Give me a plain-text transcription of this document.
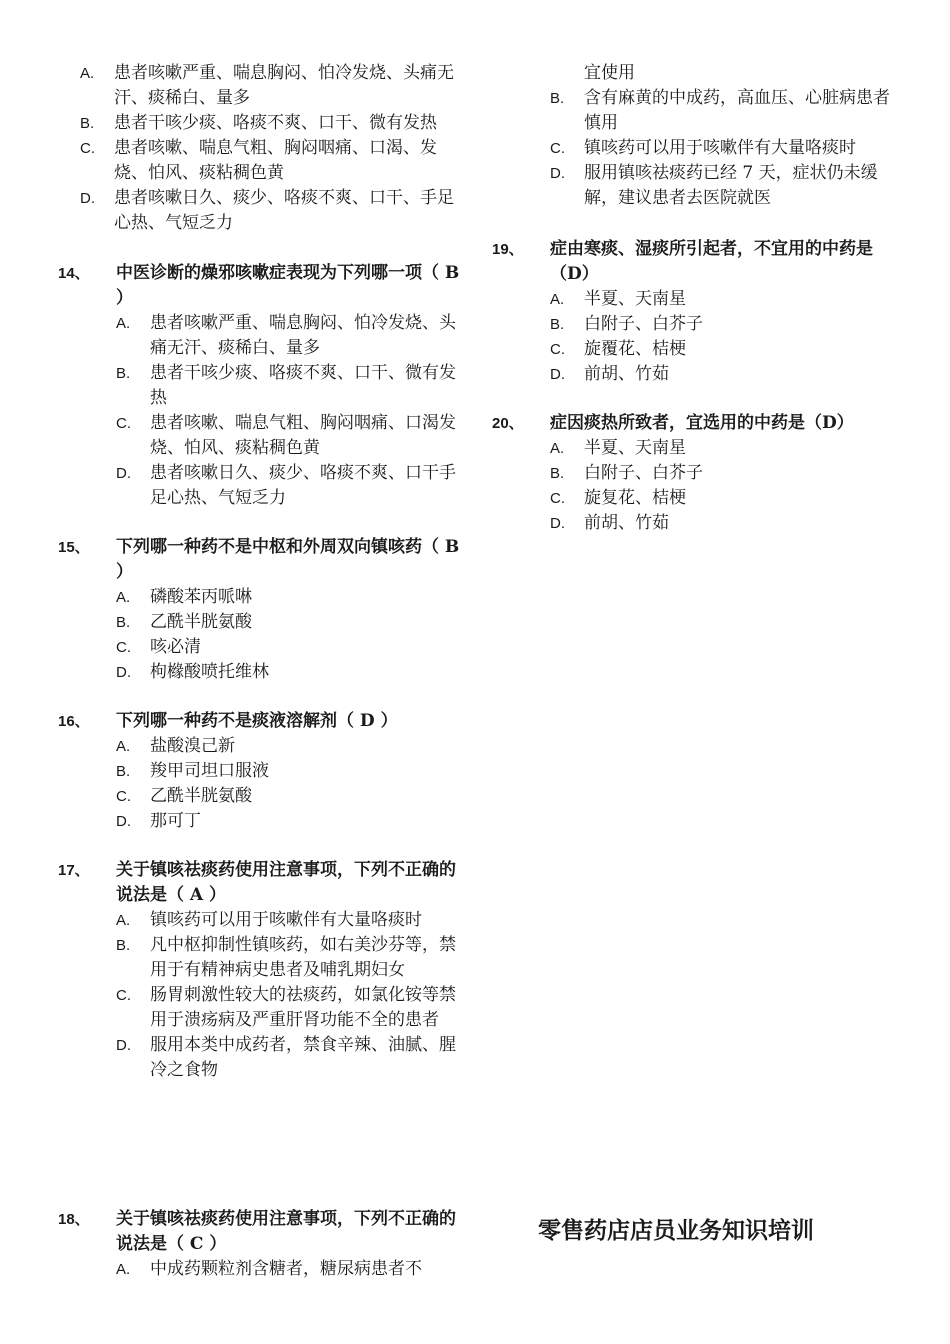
A. 患者咳嗽严重、喘息胸闷、怕冷发烧、头痛无汗、痰稀白、量多
B. 患者干咳少痰、咯痰不爽、口干、微有发热
C. 患者咳嗽、喘息气粗、胸闷咽痛、口渴、发烧、怕风、痰粘稠色黄
D. 患者咳嗽日久、痰少、咯痰不爽、口干、手足心热、气短乏力
14、 中医诊断的燥邪咳嗽症表现为下列哪一项（ B ）
A. 患者咳嗽严重、喘息胸闷、怕冷发烧、头痛无汗、痰稀白、量多
B. 患者干咳少痰、咯痰不爽、口干、微有发热
C. 患者咳嗽、喘息气粗、胸闷咽痛、口渴发烧、怕风、痰粘稠色黄
D. 患者咳嗽日久、痰少、咯痰不爽、口干手足心热、气短乏力
15、 下列哪一种药不是中枢和外周双向镇咳药（ B ）
A. 磷酸苯丙哌啉
B. 乙酰半胱氨酸
C. 咳必清
D. 枸橼酸喷托维林
16、 下列哪一种药不是痰液溶解剂（ D ）
A. 盐酸溴己新
B. 羧甲司坦口服液
C. 乙酰半胱氨酸
D. 那可丁
17、 关于镇咳祛痰药使用注意事项，下列不正确的说法是（ A ）
A. 镇咳药可以用于咳嗽伴有大量咯痰时
B. 凡中枢抑制性镇咳药，如右美沙芬等，禁用于有精神病史患者及哺乳期妇女
C. 肠胃刺激性较大的祛痰药，如氯化铵等禁用于溃疡病及严重肝肾功能不全的患者
D. 服用本类中成药者，禁食辛辣、油腻、腥冷之食物
18、 关于镇咳祛痰药使用注意事项，下列不正确的说法是（ C ）
A. 中成药颗粒剂含糖者，糖尿病患者不
宜使用
B. 含有麻黄的中成药，高血压、心脏病患者慎用
C. 镇咳药可以用于咳嗽伴有大量咯痰时
D. 服用镇咳祛痰药已经 7 天，症状仍未缓解，建议患者去医院就医
19、 症由寒痰、湿痰所引起者，不宜用的中药是（D）
A. 半夏、天南星
B. 白附子、白芥子
C. 旋覆花、桔梗
D. 前胡、竹茹
20、 症因痰热所致者，宜选用的中药是（D）
A. 半夏、天南星
B. 白附子、白芥子
C. 旋复花、桔梗
D. 前胡、竹茹
零售药店店员业务知识培训
